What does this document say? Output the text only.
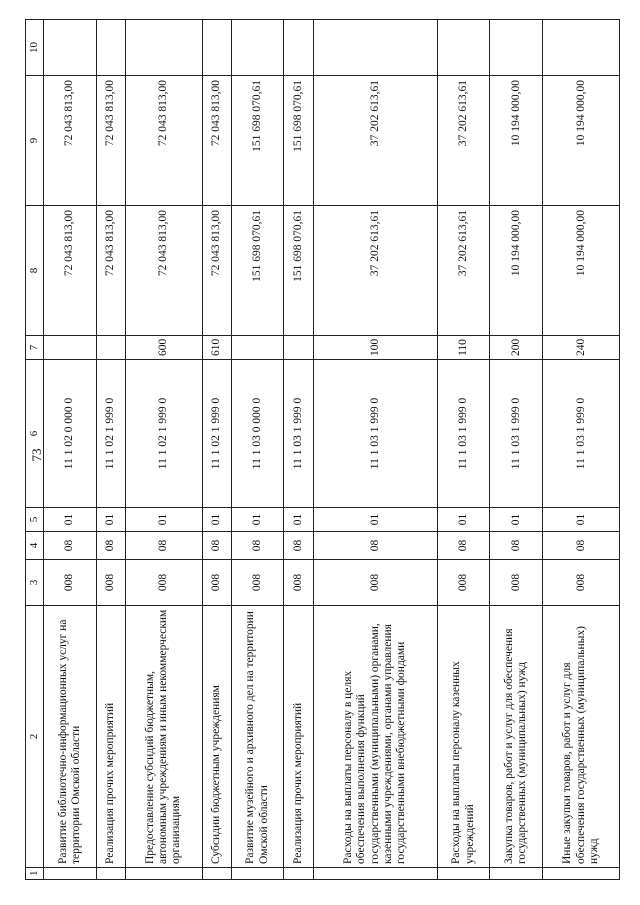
73
1	2	3	4	5	6	7	8	9	10
	Развитие библиотечно-информационных услуг на территории Омской области	008	08	01	11 1 02 0 000 0		72 043 813,00	72 043 813,00	
	Реализация прочих мероприятий	008	08	01	11 1 02 1 999 0		72 043 813,00	72 043 813,00	
	Предоставление субсидий бюджетным, автономным учреждениям и иным некоммерческим организациям	008	08	01	11 1 02 1 999 0	600	72 043 813,00	72 043 813,00	
	Субсидии бюджетным учреждениям	008	08	01	11 1 02 1 999 0	610	72 043 813,00	72 043 813,00	
	Развитие музейного и архивного дел на территории Омской области	008	08	01	11 1 03 0 000 0		151 698 070,61	151 698 070,61	
	Реализация прочих мероприятий	008	08	01	11 1 03 1 999 0		151 698 070,61	151 698 070,61	
	Расходы на выплаты персоналу в целях обеспечения выполнения функций государственными (муниципальными) органами, казенными учреждениями, органами управления государственными внебюджетными фондами	008	08	01	11 1 03 1 999 0	100	37 202 613,61	37 202 613,61	
	Расходы на выплаты персоналу казенных учреждений	008	08	01	11 1 03 1 999 0	110	37 202 613,61	37 202 613,61	
	Закупка товаров, работ и услуг для обеспечения государственных (муниципальных) нужд	008	08	01	11 1 03 1 999 0	200	10 194 000,00	10 194 000,00	
	Иные закупки товаров, работ и услуг для обеспечения государственных (муниципальных) нужд	008	08	01	11 1 03 1 999 0	240	10 194 000,00	10 194 000,00	
